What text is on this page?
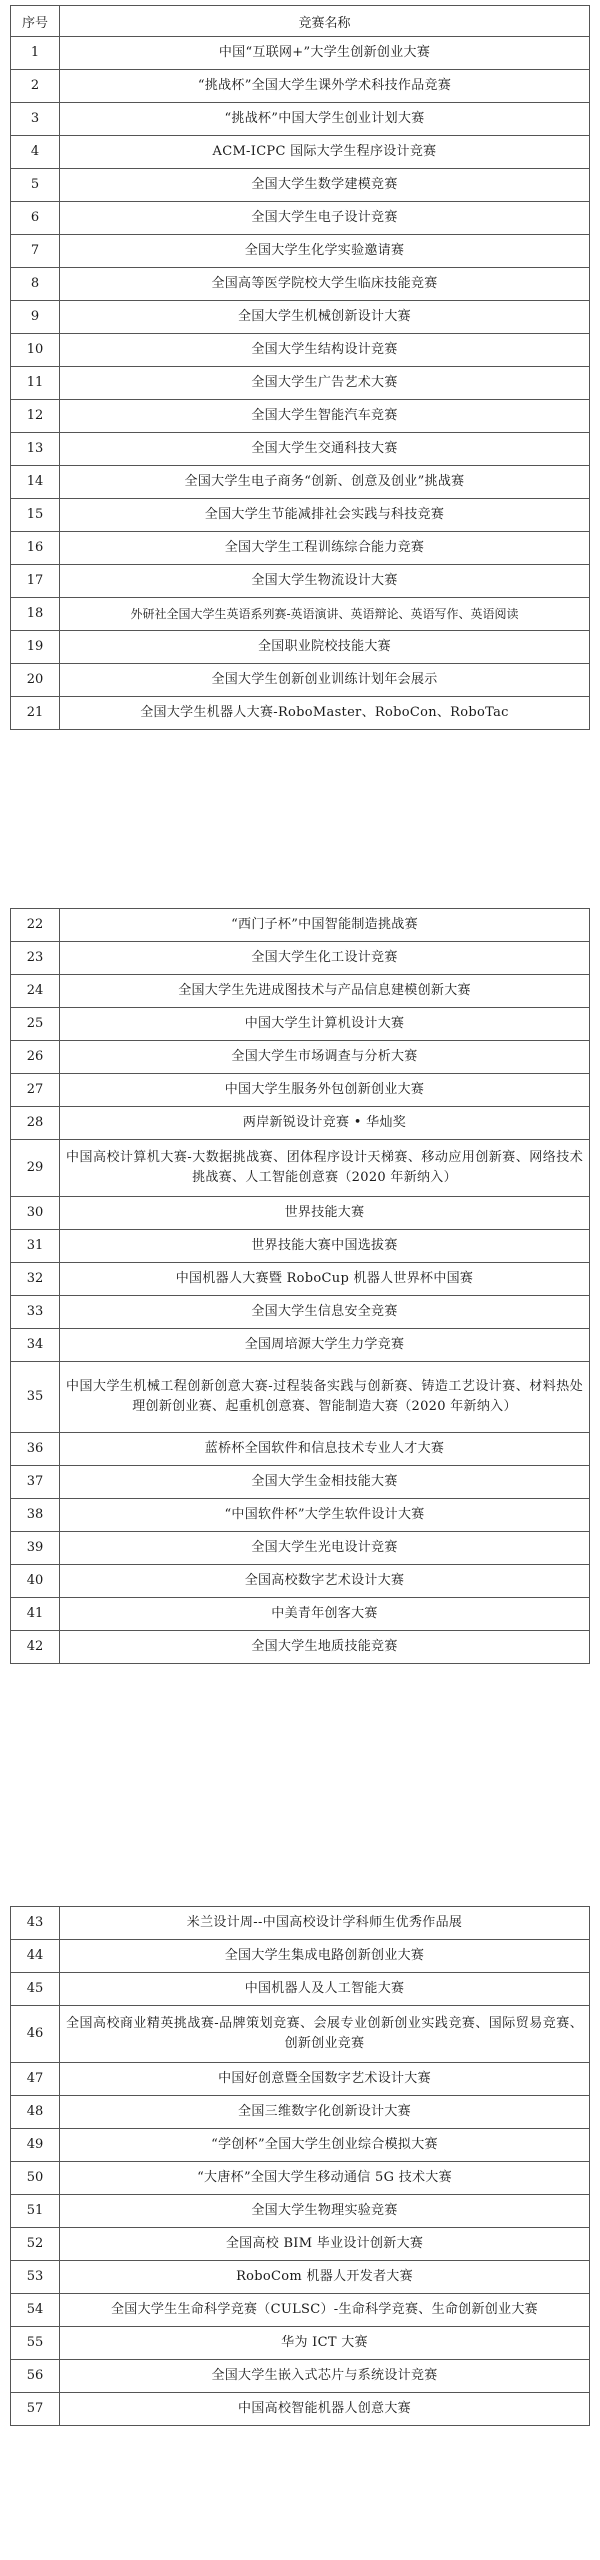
序号	竞赛名称
1	中国“互联网+”大学生创新创业大赛
2	“挑战杯”全国大学生课外学术科技作品竞赛
3	“挑战杯”中国大学生创业计划大赛
4	ACM-ICPC 国际大学生程序设计竞赛
5	全国大学生数学建模竞赛
6	全国大学生电子设计竞赛
7	全国大学生化学实验邀请赛
8	全国高等医学院校大学生临床技能竞赛
9	全国大学生机械创新设计大赛
10	全国大学生结构设计竞赛
11	全国大学生广告艺术大赛
12	全国大学生智能汽车竞赛
13	全国大学生交通科技大赛
14	全国大学生电子商务“创新、创意及创业”挑战赛
15	全国大学生节能减排社会实践与科技竞赛
16	全国大学生工程训练综合能力竞赛
17	全国大学生物流设计大赛
18	外研社全国大学生英语系列赛-英语演讲、英语辩论、英语写作、英语阅读
19	全国职业院校技能大赛
20	全国大学生创新创业训练计划年会展示
21	全国大学生机器人大赛-RoboMaster、RoboCon、RoboTac
22	“西门子杯”中国智能制造挑战赛
23	全国大学生化工设计竞赛
24	全国大学生先进成图技术与产品信息建模创新大赛
25	中国大学生计算机设计大赛
26	全国大学生市场调查与分析大赛
27	中国大学生服务外包创新创业大赛
28	两岸新锐设计竞赛 • 华灿奖
29	中国高校计算机大赛-大数据挑战赛、团体程序设计天梯赛、移动应用创新赛、网络技术挑战赛、人工智能创意赛（2020 年新纳入）
30	世界技能大赛
31	世界技能大赛中国选拔赛
32	中国机器人大赛暨 RoboCup 机器人世界杯中国赛
33	全国大学生信息安全竞赛
34	全国周培源大学生力学竞赛
35	中国大学生机械工程创新创意大赛-过程装备实践与创新赛、铸造工艺设计赛、材料热处理创新创业赛、起重机创意赛、智能制造大赛（2020 年新纳入）
36	蓝桥杯全国软件和信息技术专业人才大赛
37	全国大学生金相技能大赛
38	“中国软件杯”大学生软件设计大赛
39	全国大学生光电设计竞赛
40	全国高校数字艺术设计大赛
41	中美青年创客大赛
42	全国大学生地质技能竞赛
43	米兰设计周--中国高校设计学科师生优秀作品展
44	全国大学生集成电路创新创业大赛
45	中国机器人及人工智能大赛
46	全国高校商业精英挑战赛-品牌策划竞赛、会展专业创新创业实践竞赛、国际贸易竞赛、创新创业竞赛
47	中国好创意暨全国数字艺术设计大赛
48	全国三维数字化创新设计大赛
49	“学创杯”全国大学生创业综合模拟大赛
50	“大唐杯”全国大学生移动通信 5G 技术大赛
51	全国大学生物理实验竞赛
52	全国高校 BIM 毕业设计创新大赛
53	RoboCom 机器人开发者大赛
54	全国大学生生命科学竞赛（CULSC）-生命科学竞赛、生命创新创业大赛
55	华为 ICT 大赛
56	全国大学生嵌入式芯片与系统设计竞赛
57	中国高校智能机器人创意大赛
